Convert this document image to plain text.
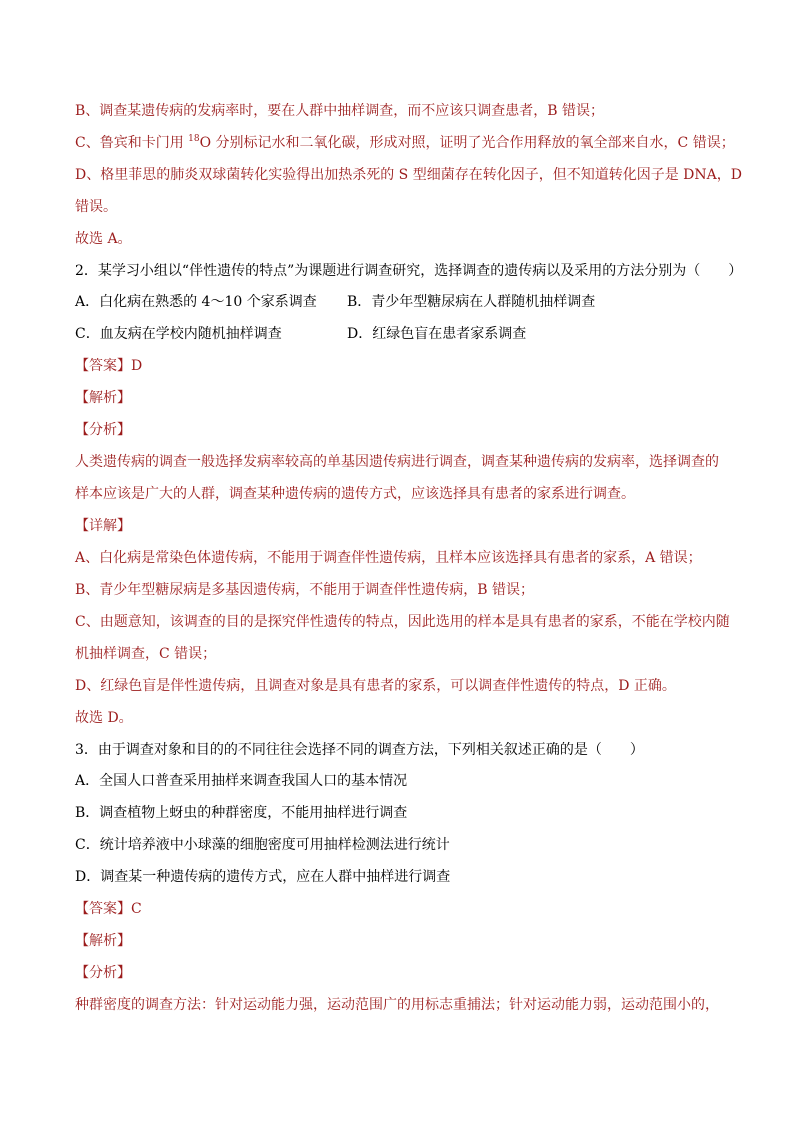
B、调查某遗传病的发病率时，要在人群中抽样调查，而不应该只调查患者，B 错误；
C、鲁宾和卡门用 $^{18}$O 分别标记水和二氧化碳，形成对照，证明了光合作用释放的氧全部来自水，C 错误；
D、格里菲思的肺炎双球菌转化实验得出加热杀死的 S 型细菌存在转化因子，但不知道转化因子是 DNA，D
错误。
故选 A。
2．某学习小组以“伴性遗传的特点”为课题进行调查研究，选择调查的遗传病以及采用的方法分别为（　　）
A．白化病在熟悉的 4～10 个家系调查 B．青少年型糖尿病在人群随机抽样调查
C．血友病在学校内随机抽样调查	D．红绿色盲在患者家系调查
【答案】D
【解析】
【分析】
人类遗传病的调查一般选择发病率较高的单基因遗传病进行调查，调查某种遗传病的发病率，选择调查的
样本应该是广大的人群，调查某种遗传病的遗传方式，应该选择具有患者的家系进行调查。
【详解】
A、白化病是常染色体遗传病，不能用于调查伴性遗传病，且样本应该选择具有患者的家系，A 错误；
B、青少年型糖尿病是多基因遗传病，不能用于调查伴性遗传病，B 错误；
C、由题意知，该调查的目的是探究伴性遗传的特点，因此选用的样本是具有患者的家系，不能在学校内随
机抽样调查，C 错误；
D、红绿色盲是伴性遗传病，且调查对象是具有患者的家系，可以调查伴性遗传的特点，D 正确。
故选 D。
3．由于调查对象和目的的不同往往会选择不同的调查方法，下列相关叙述正确的是（　　）
A．全国人口普查采用抽样来调查我国人口的基本情况
B．调查植物上蚜虫的种群密度，不能用抽样进行调查
C．统计培养液中小球藻的细胞密度可用抽样检测法进行统计
D．调查某一种遗传病的遗传方式，应在人群中抽样进行调查
【答案】C
【解析】
【分析】
种群密度的调查方法：针对运动能力强，运动范围广的用标志重捕法；针对运动能力弱，运动范围小的，
